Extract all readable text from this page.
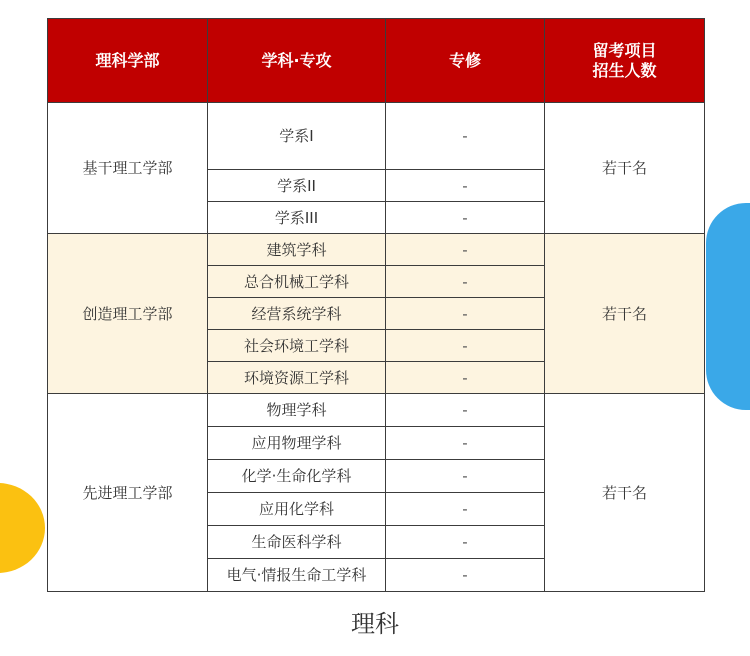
理科学部	学科·专攻	专修	留考项目
招生人数
基干理工学部	学系I	-	若干名
	学系II	-	
	学系III	-	
创造理工学部	建筑学科	-	若干名
	总合机械工学科	-	
	经营系统学科	-	
	社会环境工学科	-	
	环境资源工学科	-	
先进理工学部	物理学科	-	若干名
	应用物理学科	-	
	化学·生命化学科	-	
	应用化学科	-	
	生命医科学科	-	
	电气·情报生命工学科	-	
理科
